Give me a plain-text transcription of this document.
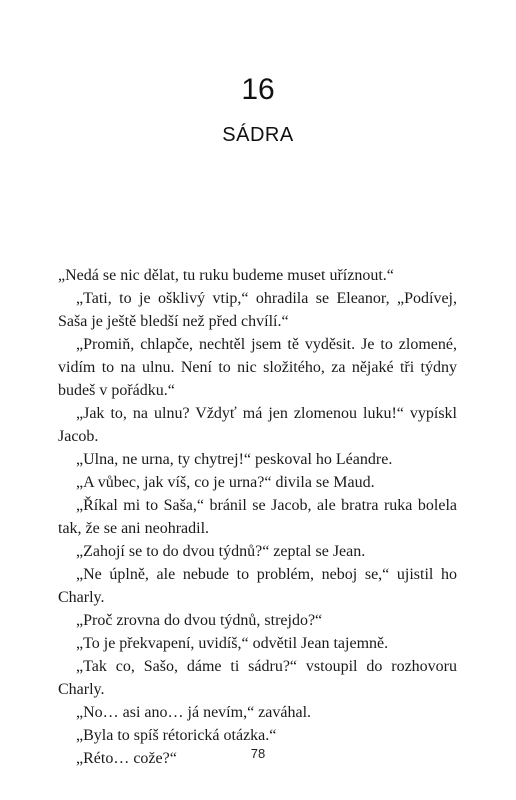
16
SÁDRA

„Nedá se nic dělat, tu ruku budeme muset uříznout.“

„Tati, to je ošklivý vtip,“ ohradila se Eleanor, „Podívej, Saša je ještě bledší než před chvílí.“

„Promiň, chlapče, nechtěl jsem tě vyděsit. Je to zlomené, vidím to na ulnu. Není to nic složitého, za nějaké tři týdny budeš v pořádku.“

„Jak to, na ulnu? Vždyť má jen zlomenou luku!“ vypískl Jacob.

„Ulna, ne urna, ty chytrej!“ peskoval ho Léandre.

„A vůbec, jak víš, co je urna?“ divila se Maud.

„Říkal mi to Saša,“ bránil se Jacob, ale bratra ruka bolela tak, že se ani neohradil.

„Zahojí se to do dvou týdnů?“ zeptal se Jean.

„Ne úplně, ale nebude to problém, neboj se,“ ujistil ho Charly.

„Proč zrovna do dvou týdnů, strejdo?“

„To je překvapení, uvidíš,“ odvětil Jean tajemně.

„Tak co, Sašo, dáme ti sádru?“ vstoupil do rozhovoru Charly.

„No… asi ano… já nevím,“ zaváhal.

„Byla to spíš rétorická otázka.“

„Réto… cože?“	78
